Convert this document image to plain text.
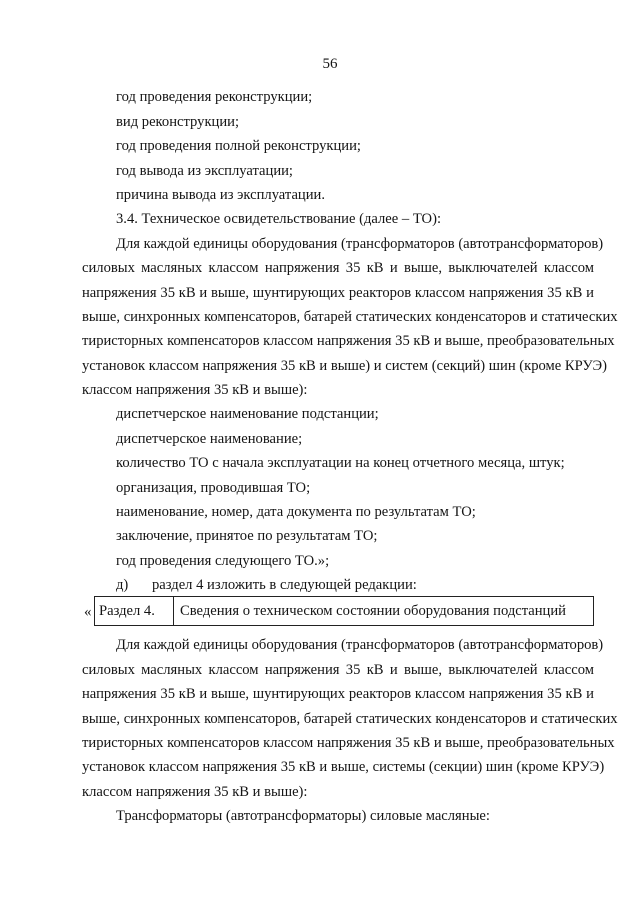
56
год проведения реконструкции;
вид реконструкции;
год проведения полной реконструкции;
год вывода из эксплуатации;
причина вывода из эксплуатации.
3.4. Техническое освидетельствование (далее – ТО):
Для каждой единицы оборудования (трансформаторов (автотрансформаторов)
силовых масляных классом напряжения 35 кВ и выше, выключателей классом
напряжения 35 кВ и выше, шунтирующих реакторов классом напряжения 35 кВ и
выше, синхронных компенсаторов, батарей статических конденсаторов и статических
тиристорных компенсаторов классом напряжения 35 кВ и выше, преобразовательных
установок классом напряжения 35 кВ и выше) и систем (секций) шин (кроме КРУЭ)
классом напряжения 35 кВ и выше):
диспетчерское наименование подстанции;
диспетчерское наименование;
количество ТО с начала эксплуатации на конец отчетного месяца, штук;
организация, проводившая ТО;
наименование, номер, дата документа по результатам ТО;
заключение, принятое по результатам ТО;
год проведения следующего ТО.»;
д) раздел 4 изложить в следующей редакции:
« Раздел 4.	Сведения о техническом состоянии оборудования подстанций
Для каждой единицы оборудования (трансформаторов (автотрансформаторов)
силовых масляных классом напряжения 35 кВ и выше, выключателей классом
напряжения 35 кВ и выше, шунтирующих реакторов классом напряжения 35 кВ и
выше, синхронных компенсаторов, батарей статических конденсаторов и статических
тиристорных компенсаторов классом напряжения 35 кВ и выше, преобразовательных
установок классом напряжения 35 кВ и выше, системы (секции) шин (кроме КРУЭ)
классом напряжения 35 кВ и выше):
Трансформаторы (автотрансформаторы) силовые масляные:
